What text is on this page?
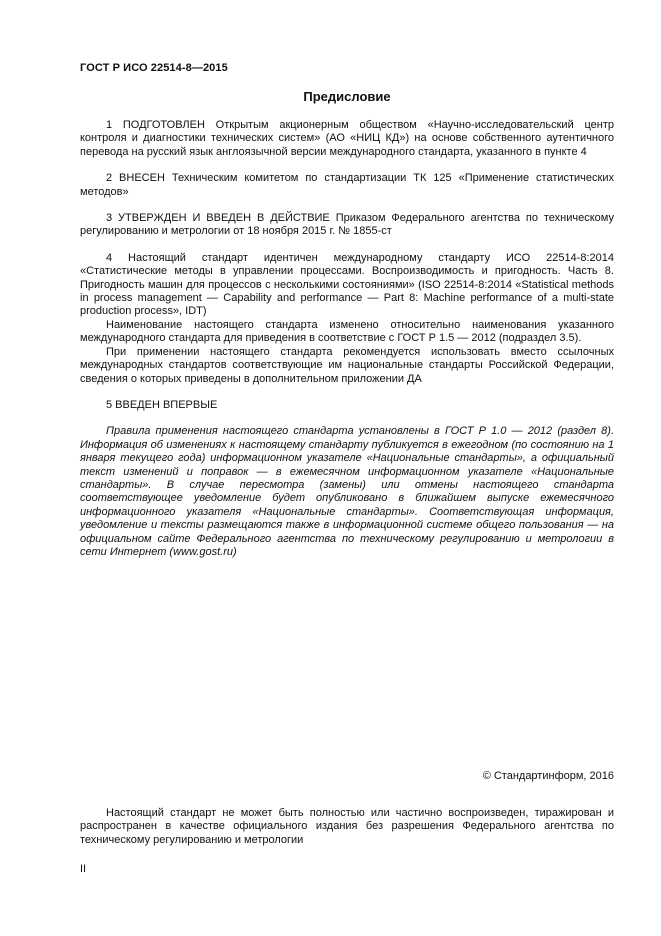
ГОСТ Р ИСО 22514-8—2015
Предисловие

1 ПОДГОТОВЛЕН Открытым акционерным обществом «Научно-исследовательский центр контроля и диагностики технических систем» (АО «НИЦ КД») на основе собственного аутентичного перевода на русский язык англоязычной версии международного стандарта, указанного в пункте 4

2 ВНЕСЕН Техническим комитетом по стандартизации ТК 125 «Применение статистических методов»

3 УТВЕРЖДЕН И ВВЕДЕН В ДЕЙСТВИЕ Приказом Федерального агентства по техническому регулированию и метрологии от 18 ноября 2015 г. № 1855-ст

4 Настоящий стандарт идентичен международному стандарту ИСО 22514-8:2014 «Статистические методы в управлении процессами. Воспроизводимость и пригодность. Часть 8. Пригодность машин для процессов с несколькими состояниями» (ISO 22514-8:2014 «Statistical methods in process management — Capability and performance — Part 8: Machine performance of a multi-state production process», IDT)

Наименование настоящего стандарта изменено относительно наименования указанного международного стандарта для приведения в соответствие с ГОСТ Р 1.5 — 2012 (подраздел 3.5).

При применении настоящего стандарта рекомендуется использовать вместо ссылочных международных стандартов соответствующие им национальные стандарты Российской Федерации, сведения о которых приведены в дополнительном приложении ДА

5 ВВЕДЕН ВПЕРВЫЕ

Правила применения настоящего стандарта установлены в ГОСТ Р 1.0 — 2012 (раздел 8). Информация об изменениях к настоящему стандарту публикуется в ежегодном (по состоянию на 1 января текущего года) информационном указателе «Национальные стандарты», а официальный текст изменений и поправок — в ежемесячном информационном указателе «Национальные стандарты». В случае пересмотра (замены) или отмены настоящего стандарта соответствующее уведомление будет опубликовано в ближайшем выпуске ежемесячного информационного указателя «Национальные стандарты». Соответствующая информация, уведомление и тексты размещаются также в информационной системе общего пользования — на официальном сайте Федерального агентства по техническому регулированию и метрологии в сети Интернет (www.gost.ru)

© Стандартинформ, 2016

Настоящий стандарт не может быть полностью или частично воспроизведен, тиражирован и распространен в качестве официального издания без разрешения Федерального агентства по техническому регулированию и метрологии

II
